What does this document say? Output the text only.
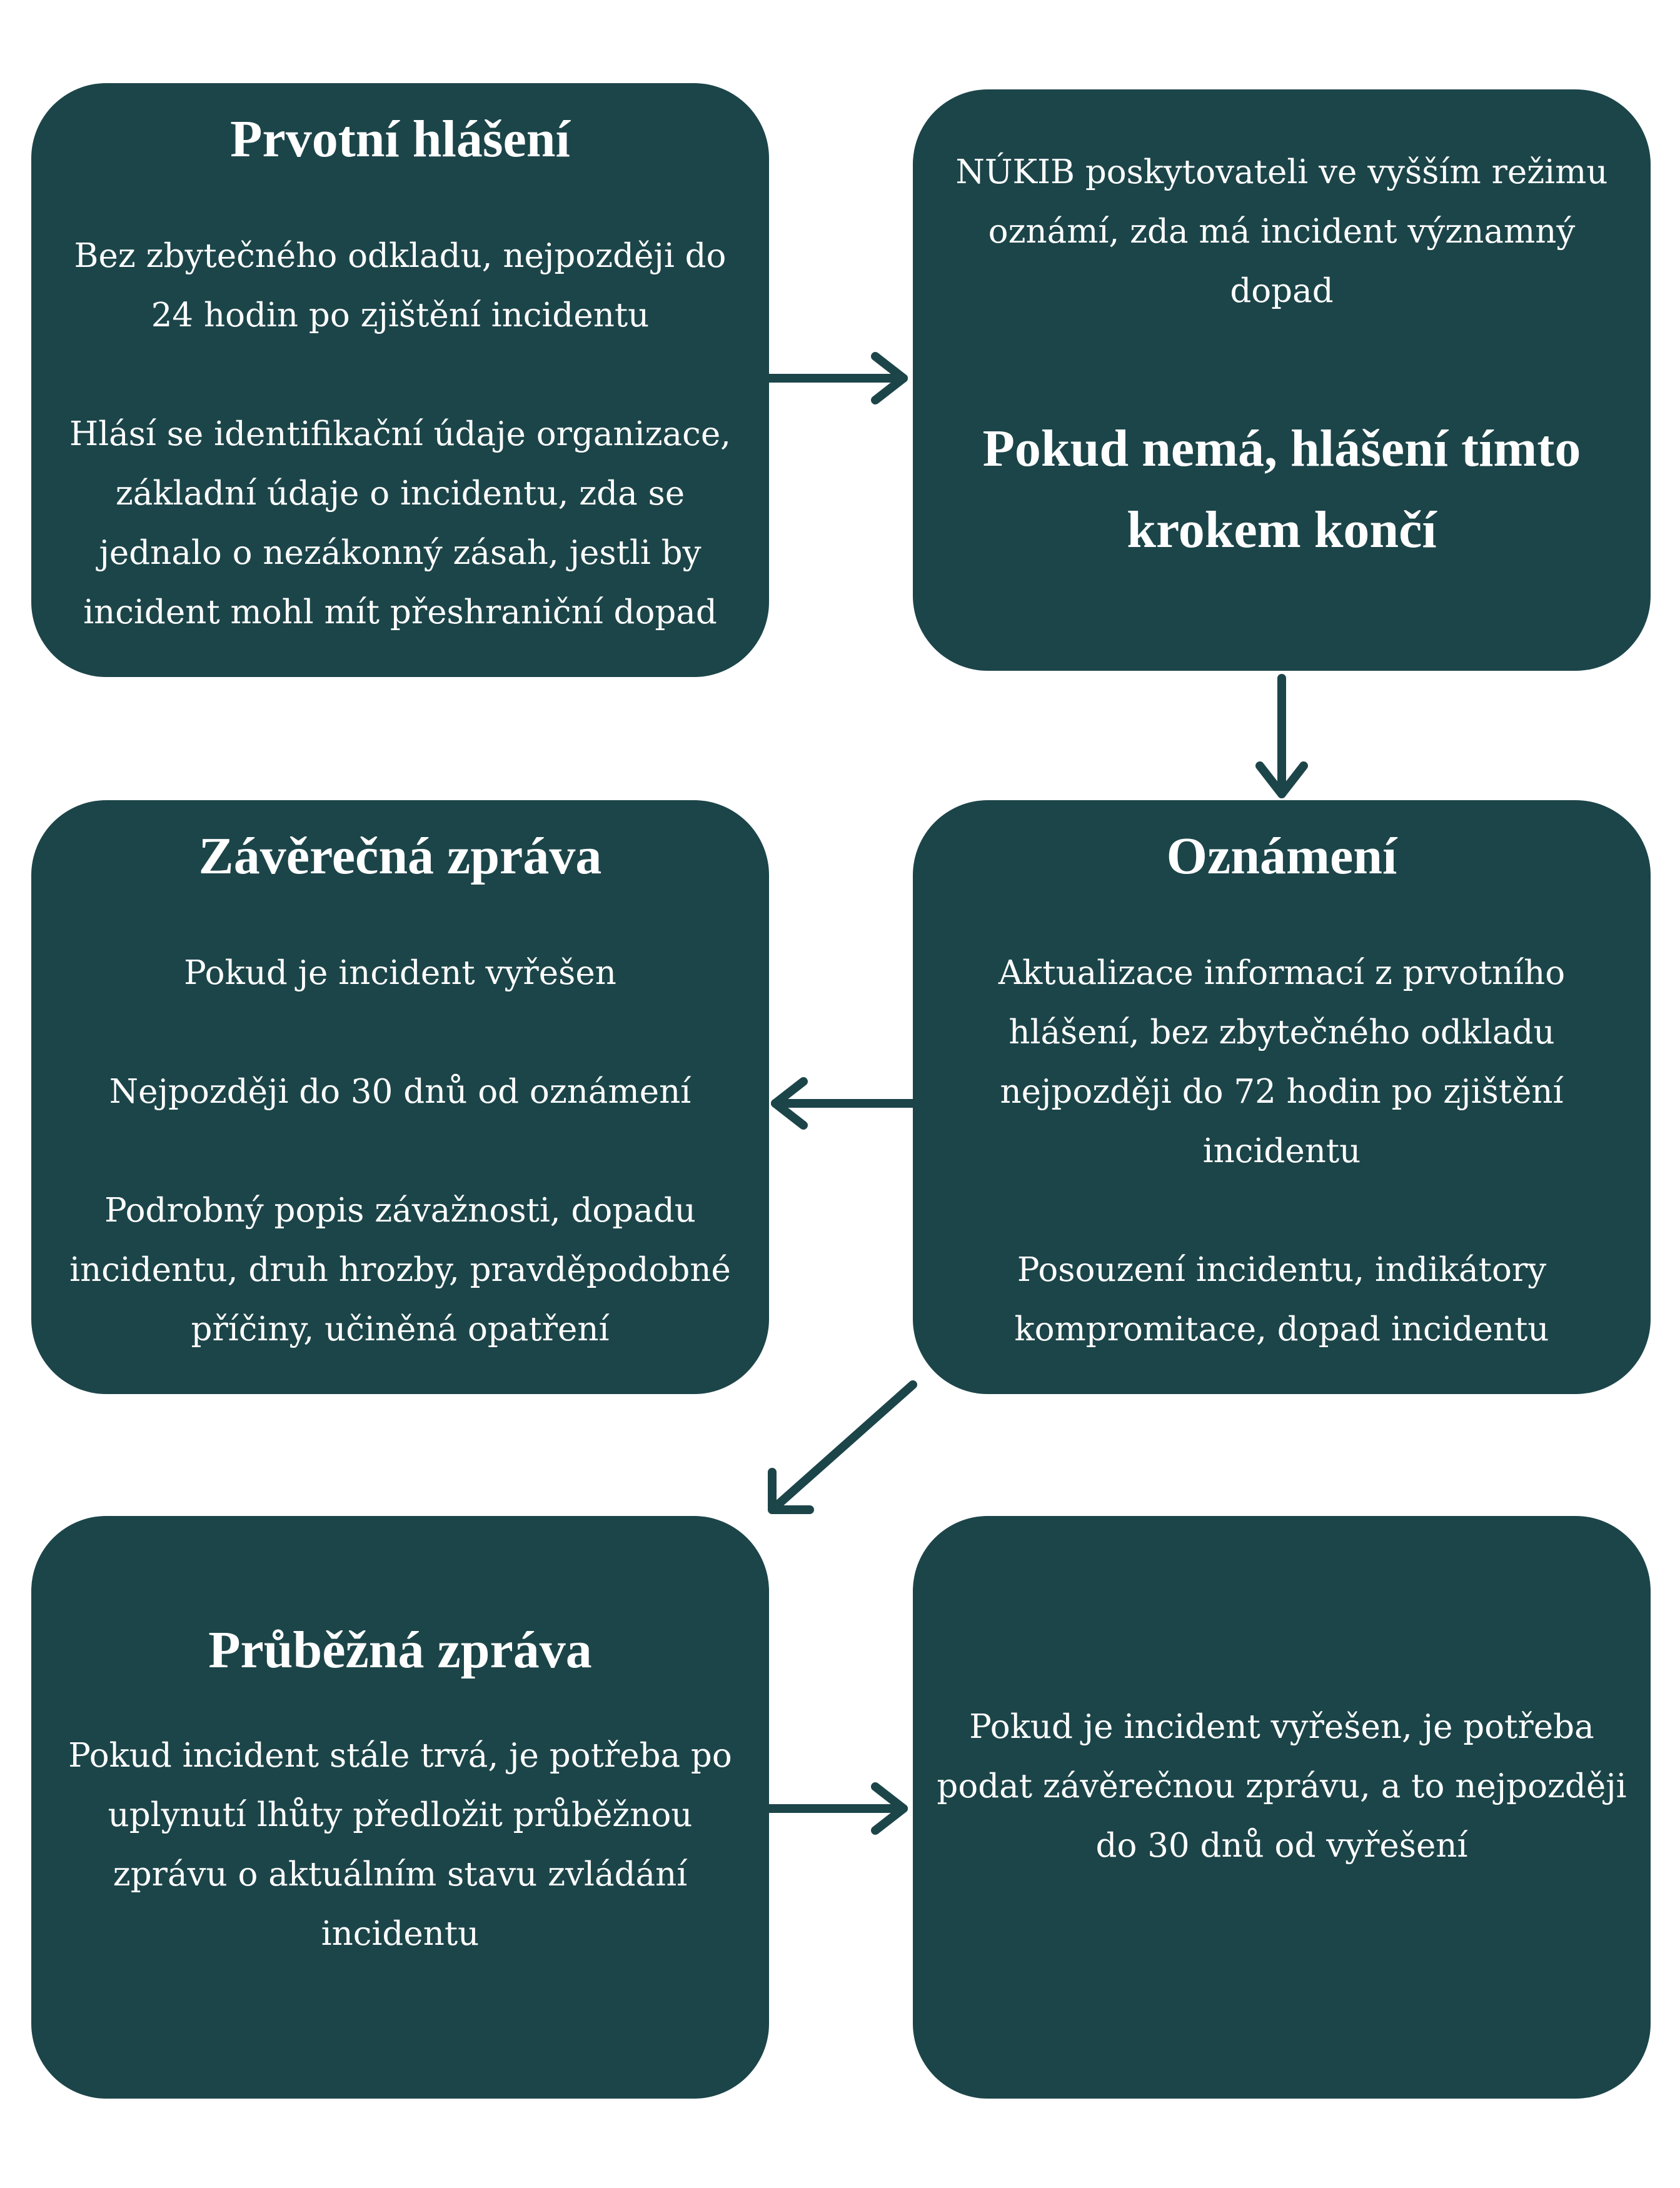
Prvotní hlášení

Bez zbytečného odkladu, nejpozději do
24 hodin po zjištění incidentu

Hlásí se identifikační údaje organizace,
základní údaje o incidentu, zda se
jednalo o nezákonný zásah, jestli by
incident mohl mít přeshraniční dopad

NÚKIB poskytovateli ve vyšším režimu
oznámí, zda má incident významný
dopad

Pokud nemá, hlášení tímto
krokem končí

Závěrečná zpráva

Pokud je incident vyřešen

Nejpozději do 30 dnů od oznámení

Podrobný popis závažnosti, dopadu
incidentu, druh hrozby, pravděpodobné
příčiny, učiněná opatření

Oznámení

Aktualizace informací z prvotního
hlášení, bez zbytečného odkladu
nejpozději do 72 hodin po zjištění
incidentu

Posouzení incidentu, indikátory
kompromitace, dopad incidentu

Průběžná zpráva

Pokud incident stále trvá, je potřeba po
uplynutí lhůty předložit průběžnou
zprávu o aktuálním stavu zvládání
incidentu

Pokud je incident vyřešen, je potřeba
podat závěrečnou zprávu, a to nejpozději
do 30 dnů od vyřešení
